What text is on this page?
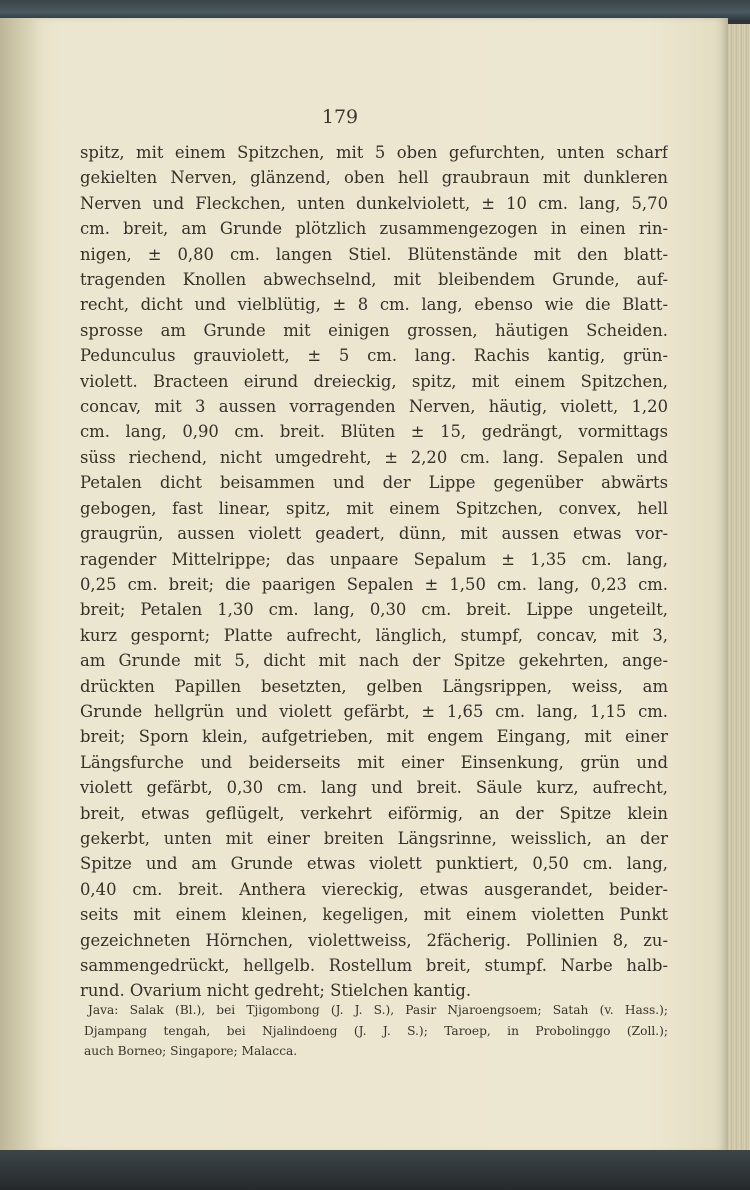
179

spitz, mit einem Spitzchen, mit 5 oben gefurchten, unten scharf

gekielten Nerven, glänzend, oben hell graubraun mit dunkleren

Nerven und Fleckchen, unten dunkelviolett, ± 10 cm. lang, 5,70

cm. breit, am Grunde plötzlich zusammengezogen in einen rin-

nigen, ± 0,80 cm. langen Stiel. Blütenstände mit den blatt-

tragenden Knollen abwechselnd, mit bleibendem Grunde, auf-

recht, dicht und vielblütig, ± 8 cm. lang, ebenso wie die Blatt-

sprosse am Grunde mit einigen grossen, häutigen Scheiden.

Pedunculus grauviolett, ± 5 cm. lang. Rachis kantig, grün-

violett. Bracteen eirund dreieckig, spitz, mit einem Spitzchen,

concav, mit 3 aussen vorragenden Nerven, häutig, violett, 1,20

cm. lang, 0,90 cm. breit. Blüten ± 15, gedrängt, vormittags

süss riechend, nicht umgedreht, ± 2,20 cm. lang. Sepalen und

Petalen dicht beisammen und der Lippe gegenüber abwärts

gebogen, fast linear, spitz, mit einem Spitzchen, convex, hell

graugrün, aussen violett geadert, dünn, mit aussen etwas vor-

ragender Mittelrippe; das unpaare Sepalum ± 1,35 cm. lang,

0,25 cm. breit; die paarigen Sepalen ± 1,50 cm. lang, 0,23 cm.

breit; Petalen 1,30 cm. lang, 0,30 cm. breit. Lippe ungeteilt,

kurz gespornt; Platte aufrecht, länglich, stumpf, concav, mit 3,

am Grunde mit 5, dicht mit nach der Spitze gekehrten, ange-

drückten Papillen besetzten, gelben Längsrippen, weiss, am

Grunde hellgrün und violett gefärbt, ± 1,65 cm. lang, 1,15 cm.

breit; Sporn klein, aufgetrieben, mit engem Eingang, mit einer

Längsfurche und beiderseits mit einer Einsenkung, grün und

violett gefärbt, 0,30 cm. lang und breit. Säule kurz, aufrecht,

breit, etwas geflügelt, verkehrt eiförmig, an der Spitze klein

gekerbt, unten mit einer breiten Längsrinne, weisslich, an der

Spitze und am Grunde etwas violett punktiert, 0,50 cm. lang,

0,40 cm. breit. Anthera viereckig, etwas ausgerandet, beider-

seits mit einem kleinen, kegeligen, mit einem violetten Punkt

gezeichneten Hörnchen, violettweiss, 2fächerig. Pollinien 8, zu-

sammengedrückt, hellgelb. Rostellum breit, stumpf. Narbe halb-

rund. Ovarium nicht gedreht; Stielchen kantig.

Java: Salak (Bl.), bei Tjigombong (J. J. S.), Pasir Njaroengsoem; Satah (v. Hass.);

Djampang tengah, bei Njalindoeng (J. J. S.); Taroep, in Probolinggo (Zoll.);

auch Borneo; Singapore; Malacca.
